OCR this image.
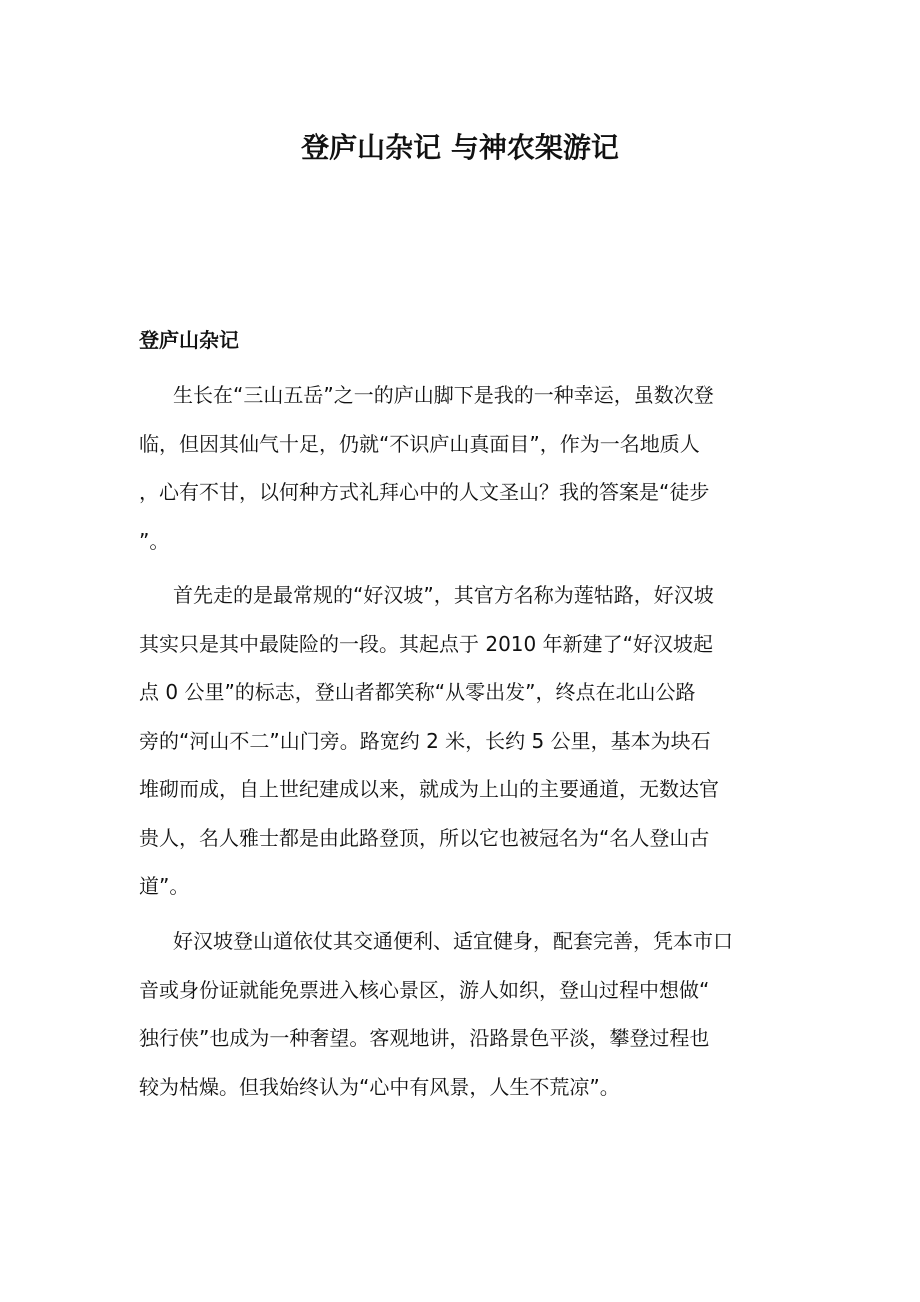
登庐山杂记 与神农架游记
登庐山杂记
生长在“三山五岳”之一的庐山脚下是我的一种幸运，虽数次登
临，但因其仙气十足，仍就“不识庐山真面目”，作为一名地质人
，心有不甘，以何种方式礼拜心中的人文圣山？我的答案是“徒步
”。
首先走的是最常规的“好汉坡”，其官方名称为莲牯路，好汉坡
其实只是其中最陡险的一段。其起点于 2010 年新建了“好汉坡起
点 0 公里”的标志，登山者都笑称“从零出发”，终点在北山公路
旁的“河山不二”山门旁。路宽约 2 米，长约 5 公里，基本为块石
堆砌而成，自上世纪建成以来，就成为上山的主要通道，无数达官
贵人，名人雅士都是由此路登顶，所以它也被冠名为“名人登山古
道”。
好汉坡登山道依仗其交通便利、适宜健身，配套完善，凭本市口
音或身份证就能免票进入核心景区，游人如织，登山过程中想做“
独行侠”也成为一种奢望。客观地讲，沿路景色平淡，攀登过程也
较为枯燥。但我始终认为“心中有风景，人生不荒凉”。
